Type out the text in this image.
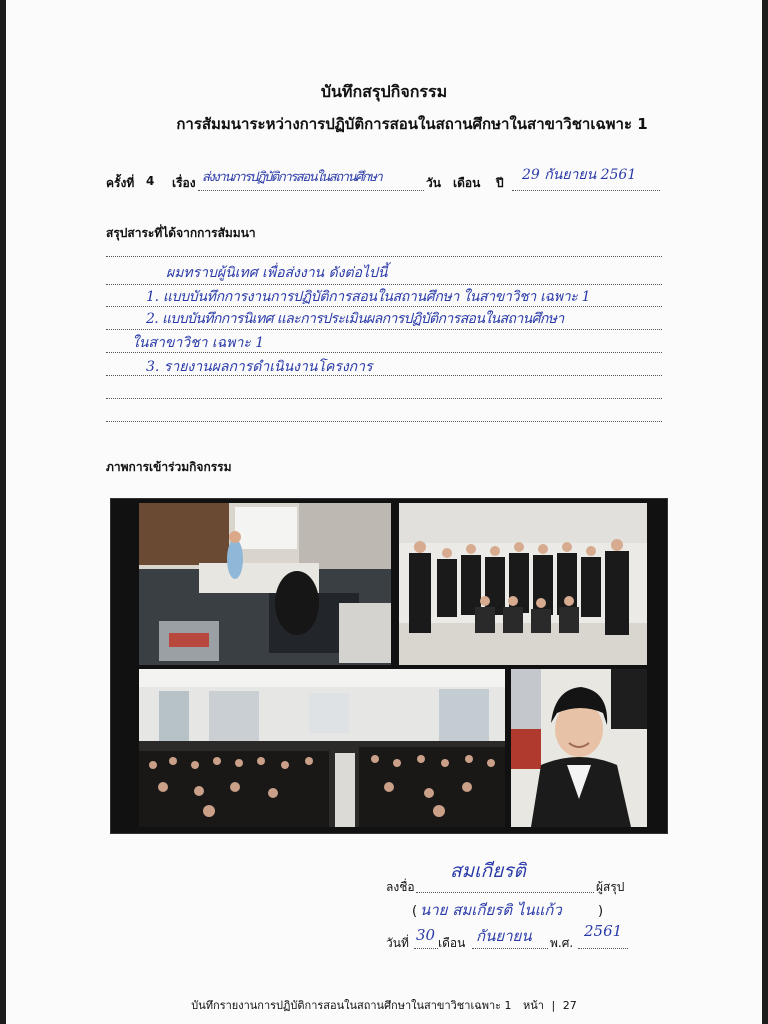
บันทึกสรุปกิจกรรม
การสัมมนาระหว่างการปฏิบัติการสอนในสถานศึกษาในสาขาวิชาเฉพาะ 1
ครั้งที่ 4 เรื่อง ส่งงานการปฏิบัติการสอนในสถานศึกษา	วัน เดือน ปี 29 กันยายน 2561
สรุปสาระที่ได้จากการสัมมนา
ผมทราบผู้นิเทศ เพื่อส่งงาน ดังต่อไปนี้
1. แบบบันทึกการงานการปฏิบัติการสอนในสถานศึกษา ในสาขาวิชา เฉพาะ 1
2. แบบบันทึกการนิเทศ และการประเมินผลการปฏิบัติการสอนในสถานศึกษา
ในสาขาวิชา เฉพาะ 1
3. รายงานผลการดำเนินงานโครงการ
ภาพการเข้าร่วมกิจกรรม
ลงชื่อ
สมเกียรติ
ผู้สรุป
( นาย สมเกียรติ ไนแก้ว	)
วันที่ 30 เดือน กันยายน พ.ศ.
2561
บันทึกรายงานการปฏิบัติการสอนในสถานศึกษาในสาขาวิชาเฉพาะ 1 หน้า | 27
